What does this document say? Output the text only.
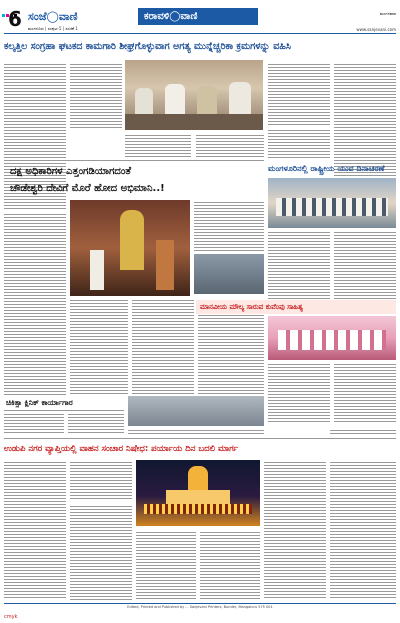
6 ಸಂಜೆ◯ವಾಣಿ	ಕರಾವಳಿ◯ವಾಣಿ	ಮಂಗಳವಾರ
ಮಂಗಳೂರು | ಸಂಪುಟ-5 | ಸಂಚಿಕೆ 1	www.sanjevani.com
ಕಲ್ಕತ್ತಿಲ ಸಂಗ್ರಹಾ ಘಟಕದ ಕಾಮಗಾರಿ ಶೀಘ್ರಗೊಳ್ಳುವಾಗ ಅಗತ್ಯ ಮುನ್ನೆಚ್ಚರಿಕಾ ಕ್ರಮಗಳನ್ನು ವಹಿಸಿ
ದಕ್ಷ ಅಧಿಕಾರಿಗಳ ಎತ್ತಂಗಡಿಯಾಗದಂತೆ
ಚೌಡೇಶ್ವರಿ ದೇವಿಗೆ ಮೊರೆ ಹೋದ ಅಭಿಮಾನಿ..!
ಮಂಗಳೂರಿನಲ್ಲಿ ರಾಷ್ಟ್ರೀಯ ಯುವ ದಿನಾಚರಣೆ
ಮಾನವೀಯ ಮೌಲ್ಯ ಸಾರುವ ಕುವೆಂಪು ಸಾಹಿತ್ಯ
ಚಿಕಿತ್ಸಾ ಕ್ಲಿನಿಕ್ ಕಾರ್ಯಾಗಾರ
ಉಡುಪಿ ನಗರ ವ್ಯಾಪ್ತಿಯಲ್ಲಿ ವಾಹನ ಸಂಚಾರ ನಿಷೇಧ: ಪರ್ಯಾಯ ದಿನ ಬದಲಿ ಮಾರ್ಗ
Edited, Printed and Published by ... Sanjevani Printers, Bunder, Mangaluru 575 001
cmyk
